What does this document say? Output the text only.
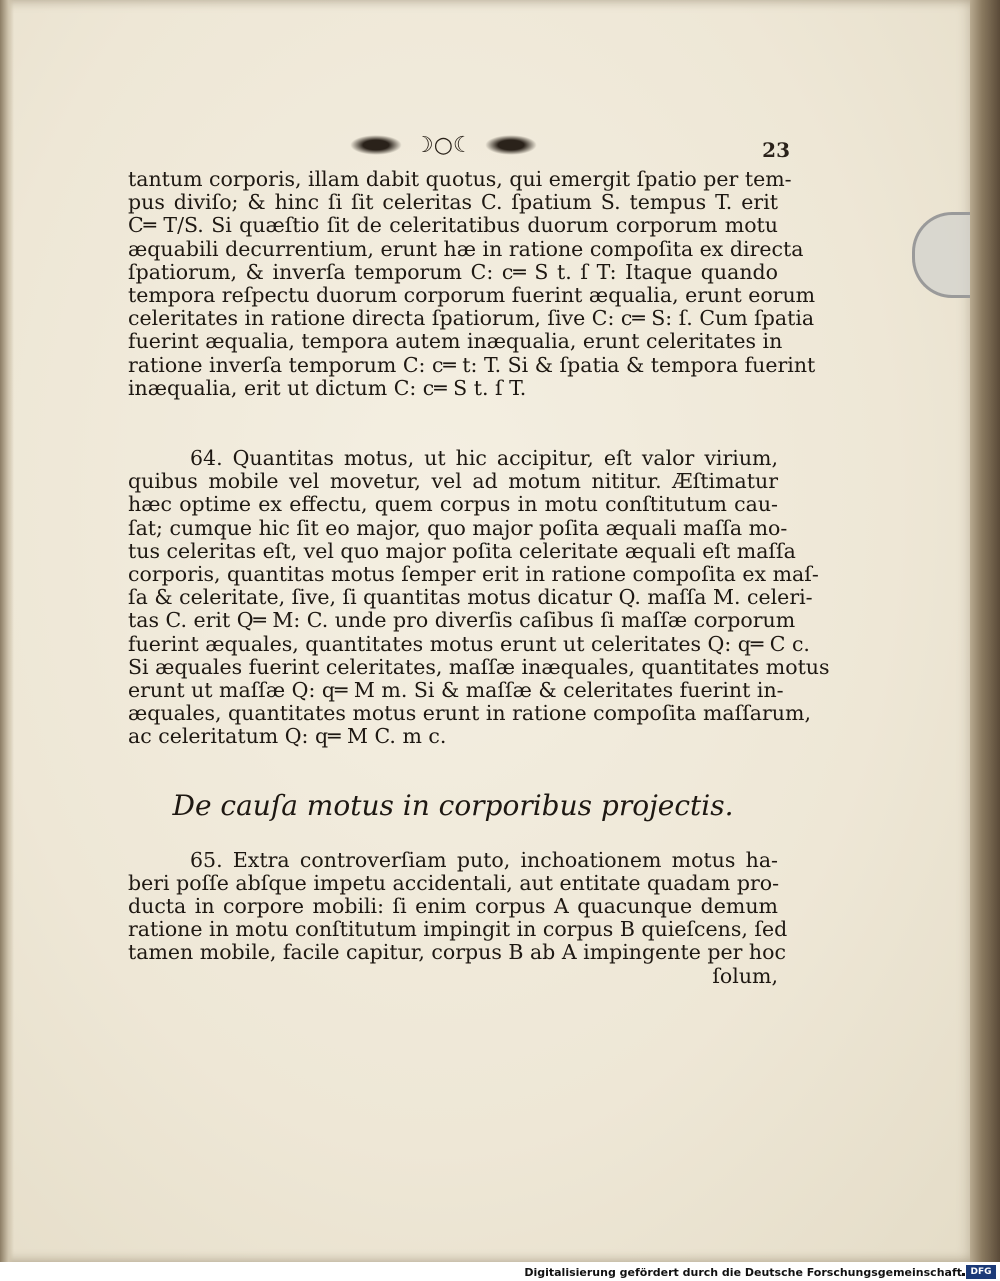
☽○☾	23
tantum corporis, illam dabit quotus, qui emergit ſpatio per tem-
pus diviſo; & hinc ſi ſit celeritas C. ſpatium S. tempus T. erit
C═ T/S. Si quæſtio ſit de celeritatibus duorum corporum motu
æquabili decurrentium, erunt hæ in ratione compoſita ex directa
ſpatiorum, & inverſa temporum C: c═ S t. ſ T: Itaque quando
tempora reſpectu duorum corporum fuerint æqualia, erunt eorum
celeritates in ratione directa ſpatiorum, ſive C: c═ S: ſ. Cum ſpatia
fuerint æqualia, tempora autem inæqualia, erunt celeritates in
ratione inverſa temporum C: c═ t: T. Si & ſpatia & tempora fuerint
inæqualia, erit ut dictum C: c═ S t. ſ T.
64. Quantitas motus, ut hic accipitur, eſt valor virium,
quibus mobile vel movetur, vel ad motum nititur. Æſtimatur
hæc optime ex effectu, quem corpus in motu conſtitutum cau-
ſat; cumque hic ſit eo major, quo major poſita æquali maſſa mo-
tus celeritas eſt, vel quo major poſita celeritate æquali eſt maſſa
corporis, quantitas motus ſemper erit in ratione compoſita ex maſ-
ſa & celeritate, ſive, ſi quantitas motus dicatur Q. maſſa M. celeri-
tas C. erit Q═ M: C. unde pro diverſis caſibus ſi maſſæ corporum
fuerint æquales, quantitates motus erunt ut celeritates Q: q═ C c.
Si æquales fuerint celeritates, maſſæ inæquales, quantitates motus
erunt ut maſſæ Q: q═ M m. Si & maſſæ & celeritates fuerint in-
æquales, quantitates motus erunt in ratione compoſita maſſarum,
ac celeritatum Q: q═ M C. m c.
De cauſa motus in corporibus projectis.
65. Extra controverſiam puto, inchoationem motus ha-
beri poſſe abſque impetu accidentali, aut entitate quadam pro-
ducta in corpore mobili: ſi enim corpus A quacunque demum
ratione in motu conſtitutum impingit in corpus B quieſcens, ſed
tamen mobile, facile capitur, corpus B ab A impingente per hoc
ſolum,
Digitalisierung gefördert durch die Deutsche Forschungsgemeinschaft DFG
